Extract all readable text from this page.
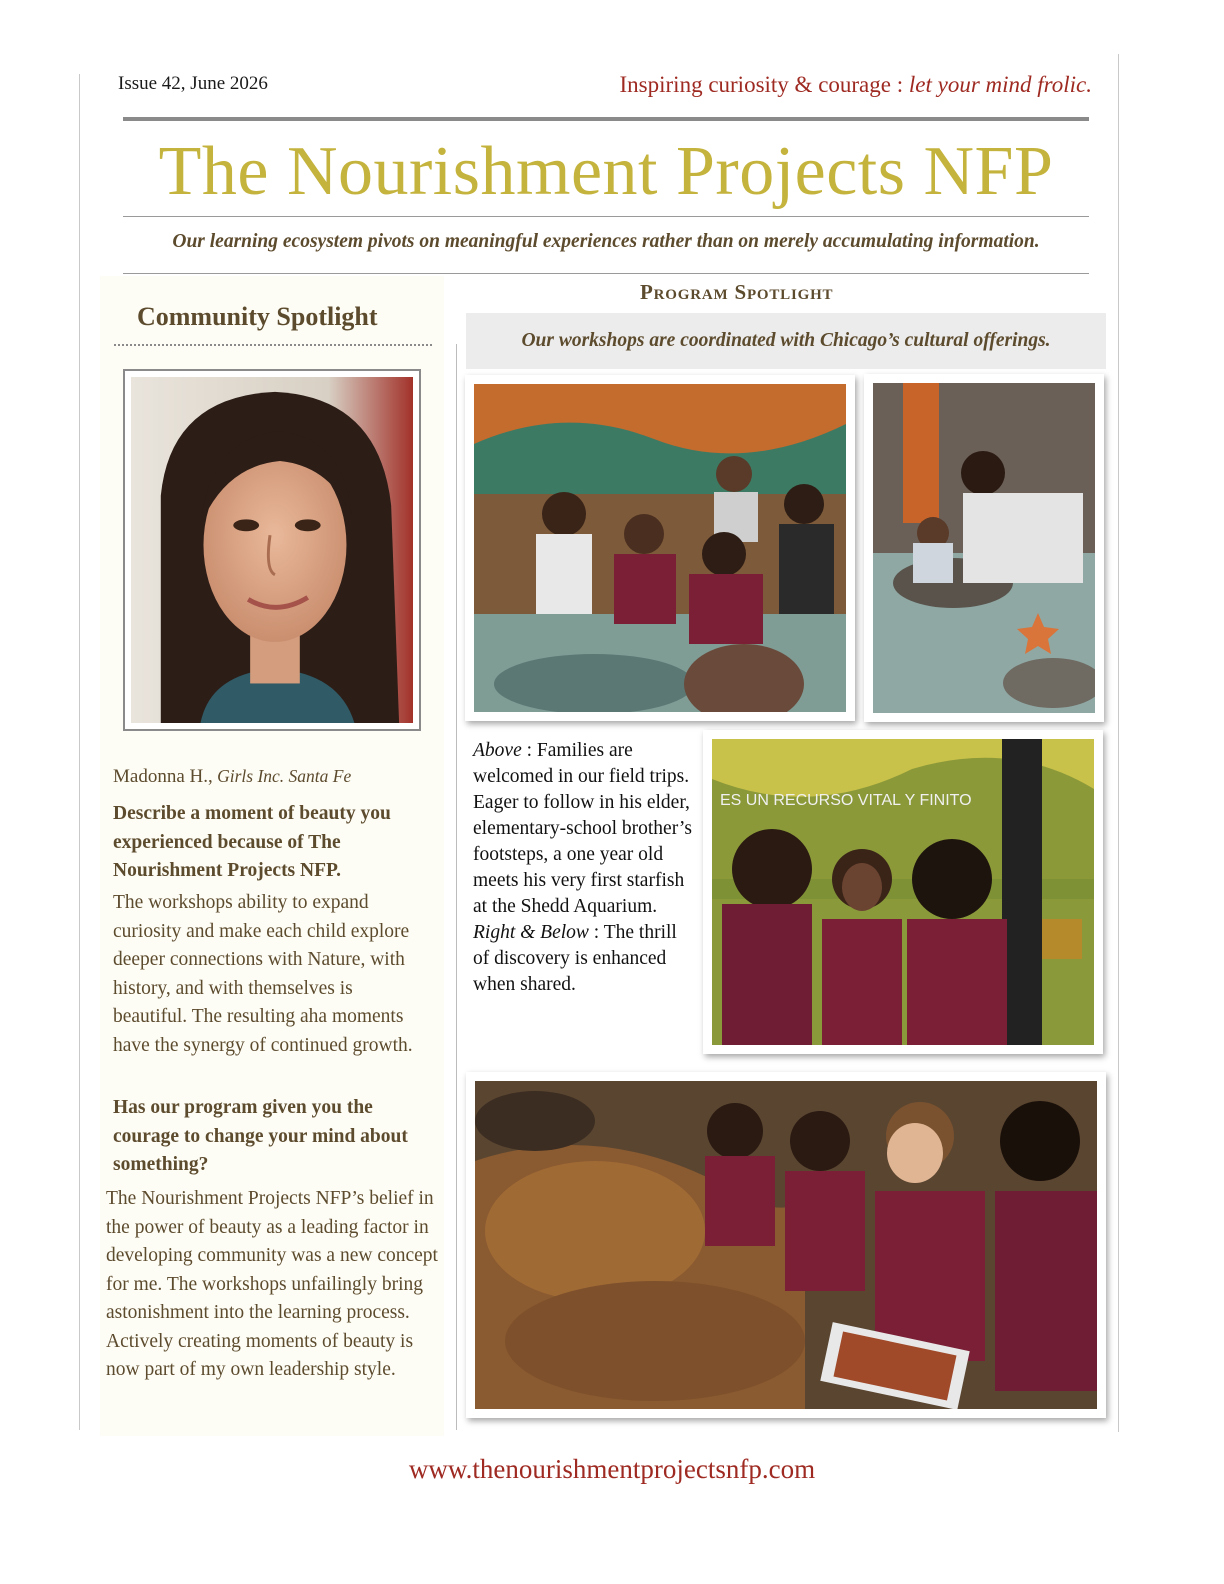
Issue 42, June 2026	Inspiring curiosity & courage : let your mind frolic.
The Nourishment Projects NFP
Our learning ecosystem pivots on meaningful experiences rather than on merely accumulating information.
Community Spotlight
Madonna H., Girls Inc. Santa Fe
Describe a moment of beauty you experienced because of The Nourishment Projects NFP.
The workshops ability to expand curiosity and make each child explore deeper connections with Nature, with history, and with themselves is beautiful. The resulting aha moments have the synergy of continued growth.
Has our program given you the courage to change your mind about something?
The Nourishment Projects NFP’s belief in the power of beauty as a leading factor in developing community was a new concept for me. The workshops unfailingly bring astonishment into the learning process. Actively creating moments of beauty is now part of my own leadership style.
Program Spotlight
Our workshops are coordinated with Chicago’s cultural offerings.
Above : Families are welcomed in our field trips. Eager to follow in his elder, elementary-school brother’s footsteps, a one year old meets his very first starfish at the Shedd Aquarium.
Right & Below : The thrill of discovery is enhanced when shared.
ES UN RECURSO VITAL Y FINITO
www.thenourishmentprojectsnfp.com
